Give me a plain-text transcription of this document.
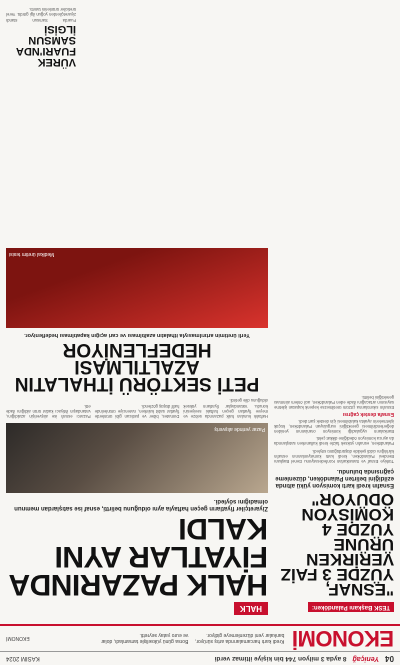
04
Yeniçağ
8 ayda 3 milyon 744 bin kişiye iltimaz verdi
KASIM 2024
EKONOMİ
Kredi kartı harcamalarında artış sürüyor, bankalar yeni düzenlemeye gidiyor.
Borsa günü yükselişle tamamladı, dolar ve euro yatay seyretti.
EKONOMİ
TESK Başkanı Palandöken:
"ESNAF, YÜZDE 3 FAİZ VERİRKEN ÜRÜNE YÜZDE 4 KOMİSYON ÖDÜYOR"
Esnafın kredi kartı komisyon yükü altında ezildiğini belirten Palandöken, düzenleme çağrısında bulundu.

Türkiye Esnaf ve Sanatkarları Konfederasyonu Genel Başkanı Bendevi Palandöken, kredi kartı komisyonlarının esnafın kârlılığını ciddi şekilde düşürdüğünü söyledi.

Palandöken, esnafın yüksek faizle kredi kullanırken satışlarında da ayrıca komisyon ödediğine dikkat çekti.

Bankaların uyguladığı komisyon oranlarının yeniden değerlendirilmesi gerektiğini vurgulayan Palandöken, küçük işletmelerin ayakta kalabilmesi için destek şart dedi.

Esnafa destek çağrısı

Esnafın sıkıntılarına çözüm üretilmezse kepenk kapatan işletme sayısının artacağını ifade eden Palandöken, acil önlem alınması gerektiğini belirtti.

HALK
HALK PAZARINDA FİYATLAR AYNI KALDI
Ziyaretçiler fiyatların geçen haftayla aynı olduğunu belirtti, esnaf ise satışlardan memnun olmadığını söyledi.
Pazar yerinde alışveriş
Haftalık kurulan halk pazarında sebze ve meyve fiyatları geçen haftaki seviyesini korudu. Vatandaşlar fiyatların yüksek olduğunu dile getirdi.
Domates, biber ve patlıcan gibi ürünlerde fiyatlar sabit kalırken, narenciye ürünlerinde hafif düşüş gözlendi.
Pazarcı esnafı ise alışverişin azaldığını, vatandaşın ihtiyacı kadar ürün aldığını ifade etti.
PETİ SEKTÖRÜ İTHALATIN AZALTILMASI HEDEFLENİYOR
Yerli üretimin artırılmasıyla ithalatın azaltılması ve cari açığın kapatılması hedefleniyor.
Medikal üretim tesisi
VÜREK FUARI'NDA SAMSUN İLGİSİ
Fuarda Samsun standı ziyaretçilerden yoğun ilgi gördü. Yerel üreticiler ürünlerini tanıttı.
